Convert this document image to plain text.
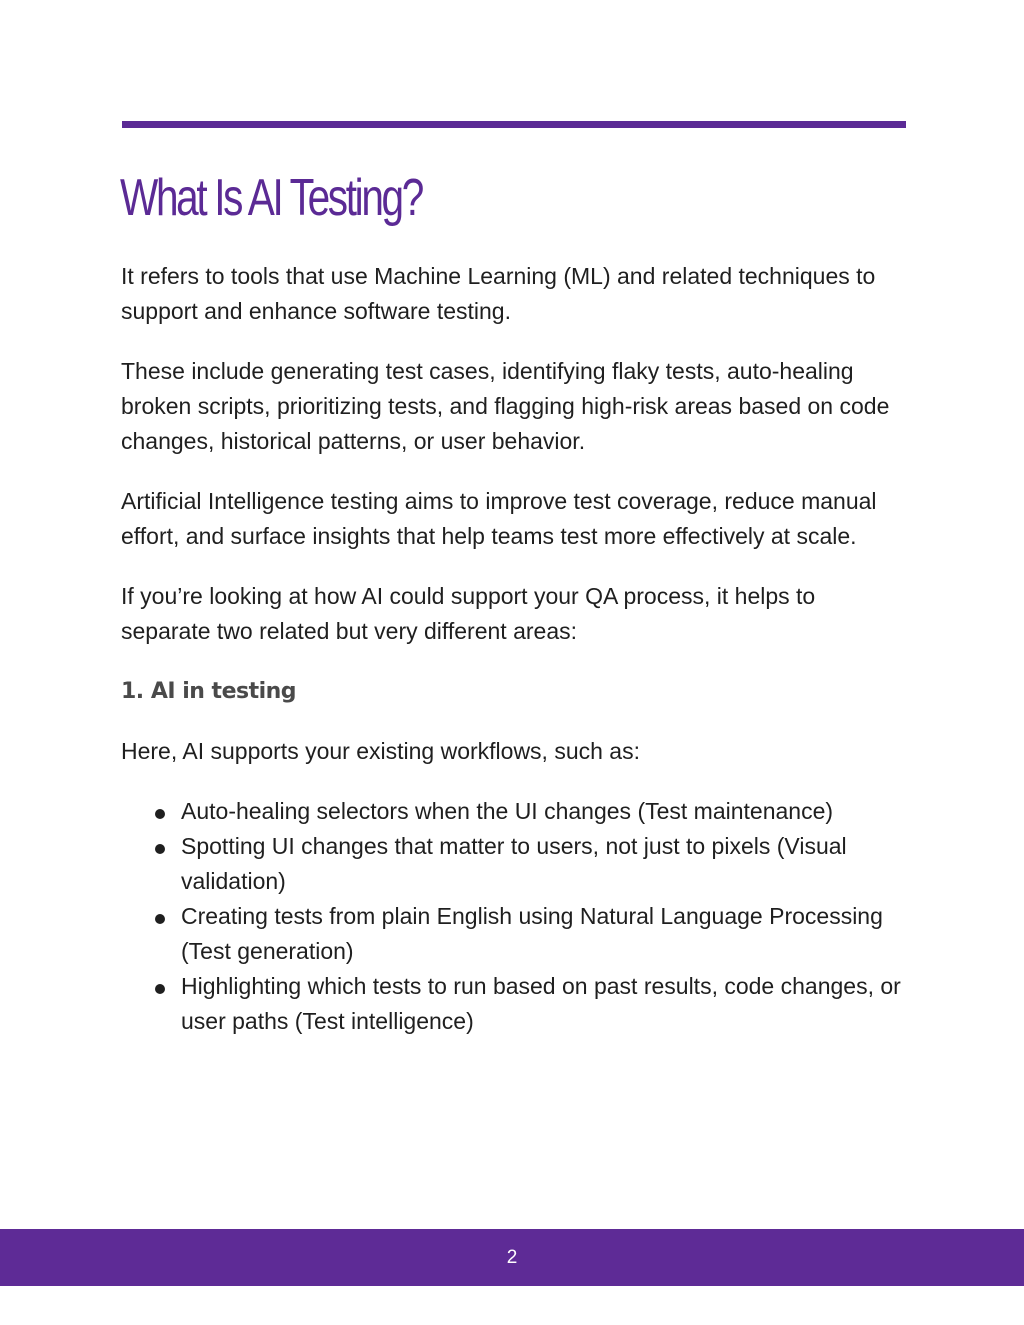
What Is AI Testing?

It refers to tools that use Machine Learning (ML) and related techniques to support and enhance software testing.

These include generating test cases, identifying flaky tests, auto-healing broken scripts, prioritizing tests, and flagging high-risk areas based on code changes, historical patterns, or user behavior.

Artificial Intelligence testing aims to improve test coverage, reduce manual effort, and surface insights that help teams test more effectively at scale.

If you’re looking at how AI could support your QA process, it helps to separate two related but very different areas:

1. AI in testing

Here, AI supports your existing workflows, such as:

Auto-healing selectors when the UI changes (Test maintenance)
Spotting UI changes that matter to users, not just to pixels (Visual validation)
Creating tests from plain English using Natural Language Processing (Test generation)
Highlighting which tests to run based on past results, code changes, or user paths (Test intelligence)
2
